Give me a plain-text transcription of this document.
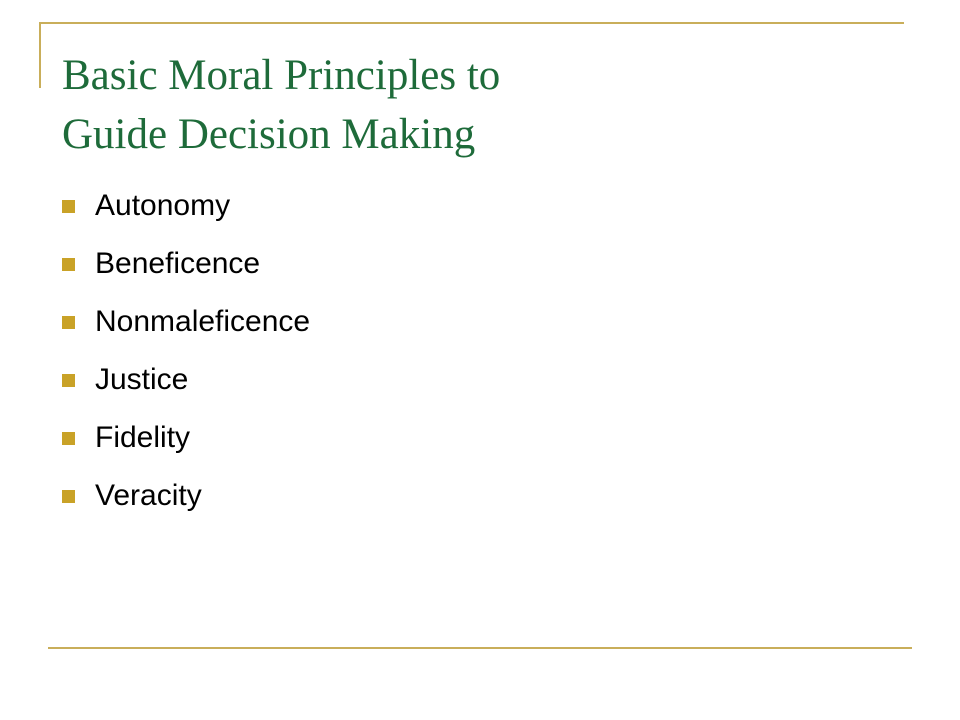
Basic Moral Principles to
Guide Decision Making
Autonomy
Beneficence
Nonmaleficence
Justice
Fidelity
Veracity
